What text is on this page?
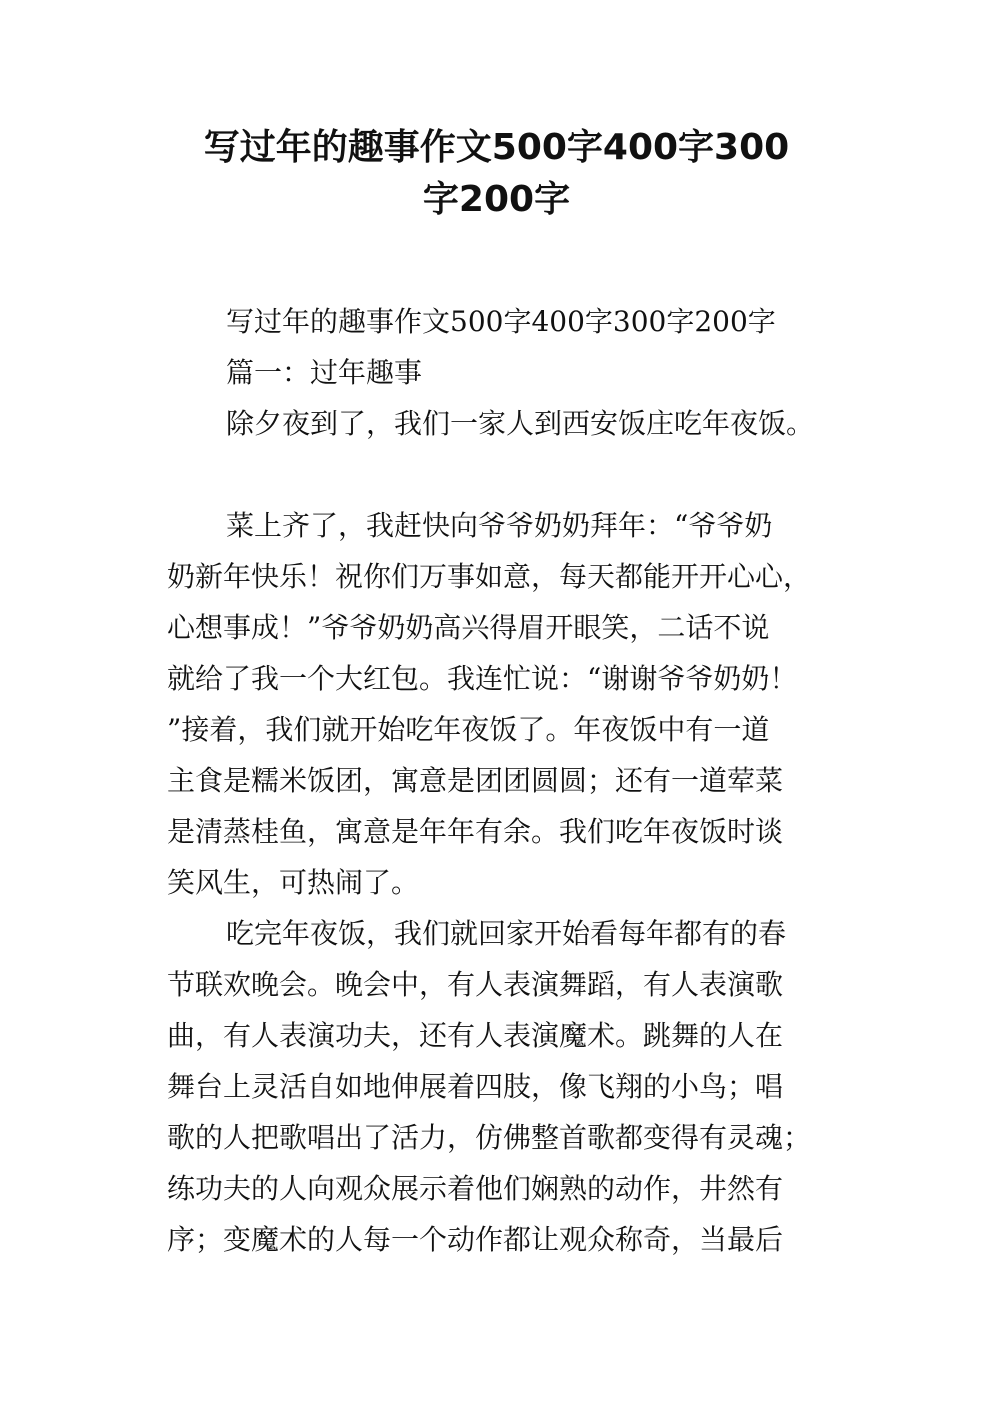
写过年的趣事作文500字400字300
字200字
写过年的趣事作文500字400字300字200字
篇一：过年趣事
除夕夜到了，我们一家人到西安饭庄吃年夜饭。
菜上齐了，我赶快向爷爷奶奶拜年：“爷爷奶
奶新年快乐！祝你们万事如意，每天都能开开心心，
心想事成！”爷爷奶奶高兴得眉开眼笑，二话不说
就给了我一个大红包。我连忙说：“谢谢爷爷奶奶！
”接着，我们就开始吃年夜饭了。年夜饭中有一道
主食是糯米饭团，寓意是团团圆圆；还有一道荤菜
是清蒸桂鱼，寓意是年年有余。我们吃年夜饭时谈
笑风生，可热闹了。
吃完年夜饭，我们就回家开始看每年都有的春
节联欢晚会。晚会中，有人表演舞蹈，有人表演歌
曲，有人表演功夫，还有人表演魔术。跳舞的人在
舞台上灵活自如地伸展着四肢，像飞翔的小鸟；唱
歌的人把歌唱出了活力，仿佛整首歌都变得有灵魂；
练功夫的人向观众展示着他们娴熟的动作，井然有
序；变魔术的人每一个动作都让观众称奇，当最后
